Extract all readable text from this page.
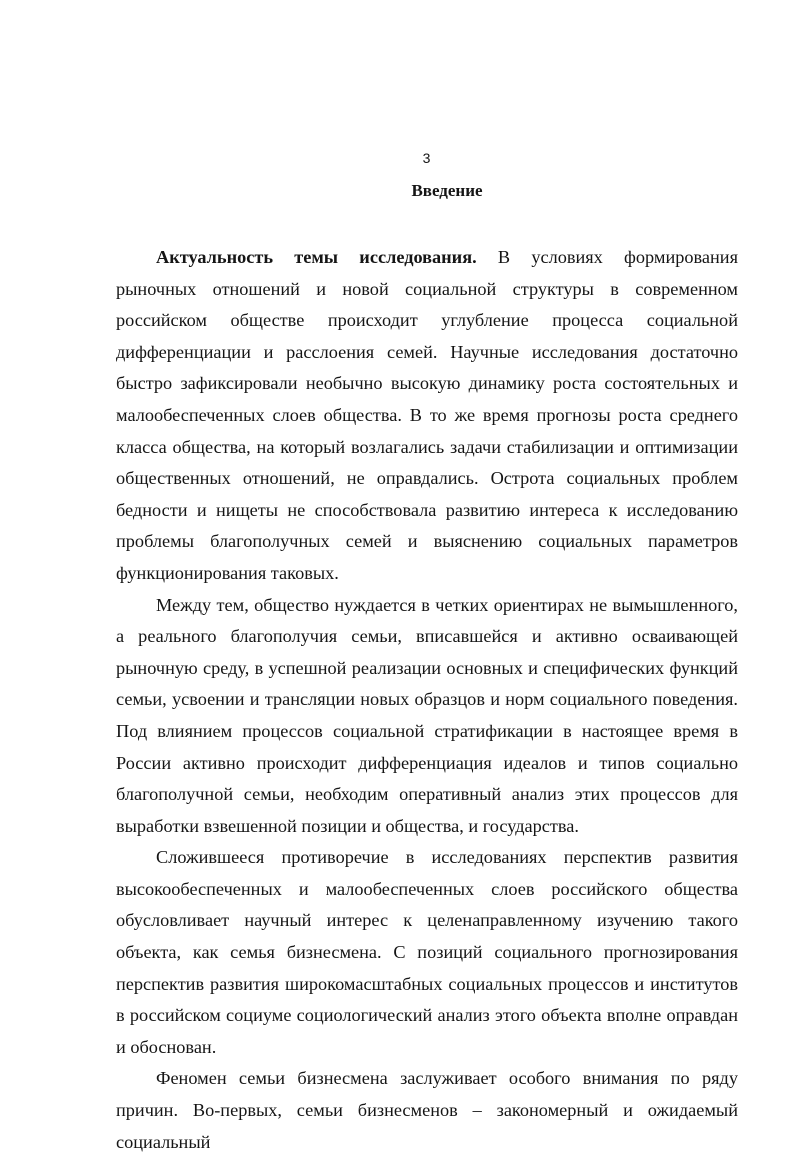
3
Введение

Актуальность темы исследования. В условиях формирования рыночных отношений и новой социальной структуры в современном российском обществе происходит углубление процесса социальной дифференциации и расслоения семей. Научные исследования достаточно быстро зафиксировали необычно высокую динамику роста состоятельных и малообеспеченных слоев общества. В то же время прогнозы роста среднего класса общества, на который возлагались задачи стабилизации и оптимизации общественных отношений, не оправдались. Острота социальных проблем бедности и нищеты не способствовала развитию интереса к исследованию проблемы благополучных семей и выяснению социальных параметров функционирования таковых.

Между тем, общество нуждается в четких ориентирах не вымышленного, а реального благополучия семьи, вписавшейся и активно осваивающей рыночную среду, в успешной реализации основных и специфических функций семьи, усвоении и трансляции новых образцов и норм социального поведения. Под влиянием процессов социальной стратификации в настоящее время в России активно происходит дифференциация идеалов и типов социально благополучной семьи, необходим оперативный анализ этих процессов для выработки взвешенной позиции и общества, и государства.

Сложившееся противоречие в исследованиях перспектив развития высокообеспеченных и малообеспеченных слоев российского общества обусловливает научный интерес к целенаправленному изучению такого объекта, как семья бизнесмена. С позиций социального прогнозирования перспектив развития широкомасштабных социальных процессов и институтов в российском социуме социологический анализ этого объекта вполне оправдан и обоснован.

Феномен семьи бизнесмена заслуживает особого внимания по ряду причин. Во-первых, семьи бизнесменов – закономерный и ожидаемый социальный
